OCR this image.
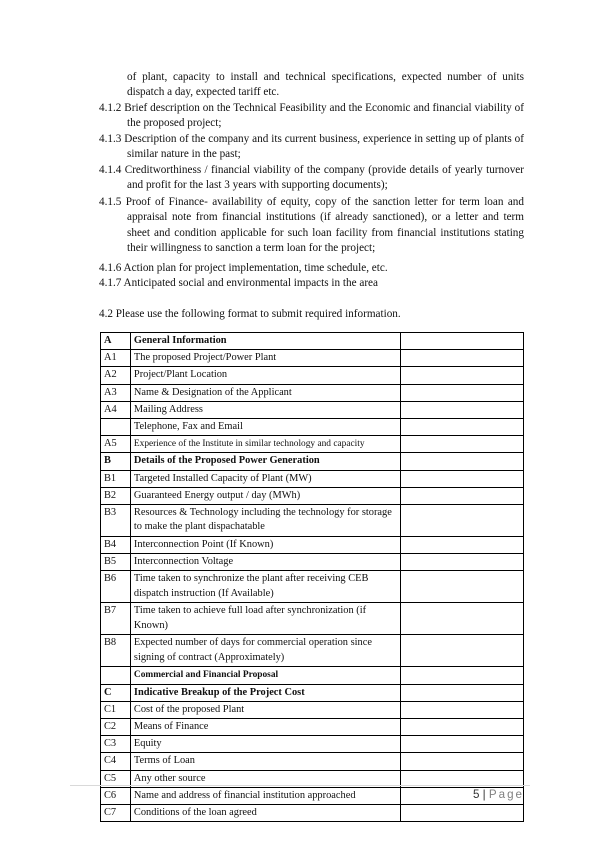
of plant, capacity to install and technical specifications, expected number of units dispatch a day, expected tariff etc.
4.1.2 Brief description on the Technical Feasibility and the Economic and financial viability of the proposed project;
4.1.3 Description of the company and its current business, experience in setting up of plants of similar nature in the past;
4.1.4 Creditworthiness / financial viability of the company (provide details of yearly turnover and profit for the last 3 years with supporting documents);
4.1.5 Proof of Finance- availability of equity, copy of the sanction letter for term loan and appraisal note from financial institutions (if already sanctioned), or a letter and term sheet and condition applicable for such loan facility from financial institutions stating their willingness to sanction a term loan for the project;
4.1.6 Action plan for project implementation, time schedule, etc.
4.1.7 Anticipated social and environmental impacts in the area
4.2 Please use the following format to submit required information.
A	General Information	
A1	The proposed Project/Power Plant	
A2	Project/Plant Location	
A3	Name & Designation of the Applicant	
A4	Mailing Address	
	Telephone, Fax and Email	
A5	Experience of the Institute in similar technology and capacity	
B	Details of the Proposed Power Generation	
B1	Targeted Installed Capacity of Plant (MW)	
B2	Guaranteed Energy output / day (MWh)	
B3	Resources & Technology including the technology for storage to make the plant dispachatable	
B4	Interconnection Point (If Known)	
B5	Interconnection Voltage	
B6	Time taken to synchronize the plant after receiving CEB dispatch instruction (If Available)	
B7	Time taken to achieve full load after synchronization (if Known)	
B8	Expected number of days for commercial operation since signing of contract (Approximately)	
	Commercial and Financial Proposal	
C	Indicative Breakup of the Project Cost	
C1	Cost of the proposed Plant	
C2	Means of Finance	
C3	Equity	
C4	Terms of Loan	
C5	Any other source	
C6	Name and address of financial institution approached	
C7	Conditions of the loan agreed	
5 | Page
